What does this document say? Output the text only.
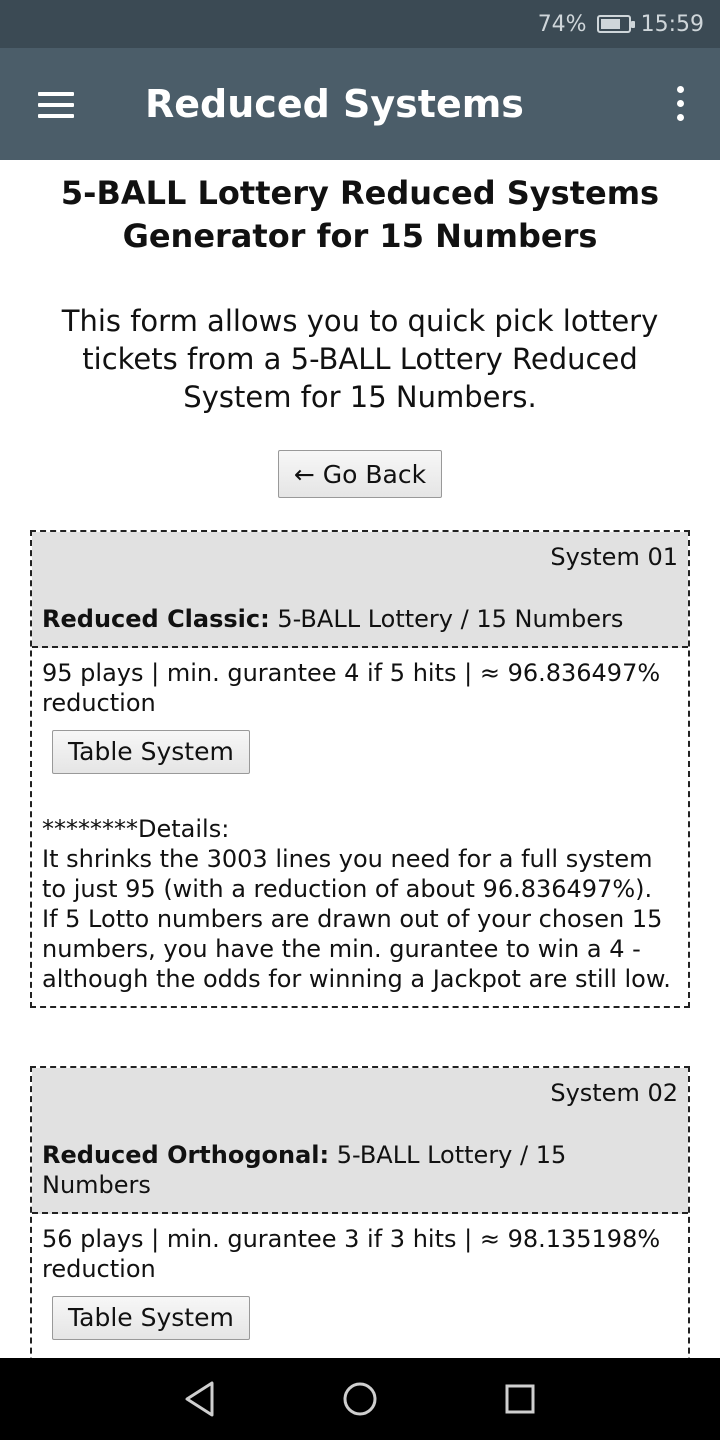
74% 15:59
Reduced Systems
5-BALL Lottery Reduced Systems Generator for 15 Numbers
This form allows you to quick pick lottery tickets from a 5-BALL Lottery Reduced System for 15 Numbers.
← Go Back
System 01
Reduced Classic: 5-BALL Lottery / 15 Numbers
95 plays | min. gurantee 4 if 5 hits | ≈ 96.836497% reduction
Table System
********Details:
It shrinks the 3003 lines you need for a full system to just 95 (with a reduction of about 96.836497%).
If 5 Lotto numbers are drawn out of your chosen 15 numbers, you have the min. gurantee to win a 4 - although the odds for winning a Jackpot are still low.
System 02
Reduced Orthogonal: 5-BALL Lottery / 15 Numbers
56 plays | min. gurantee 3 if 3 hits | ≈ 98.135198% reduction
Table System
